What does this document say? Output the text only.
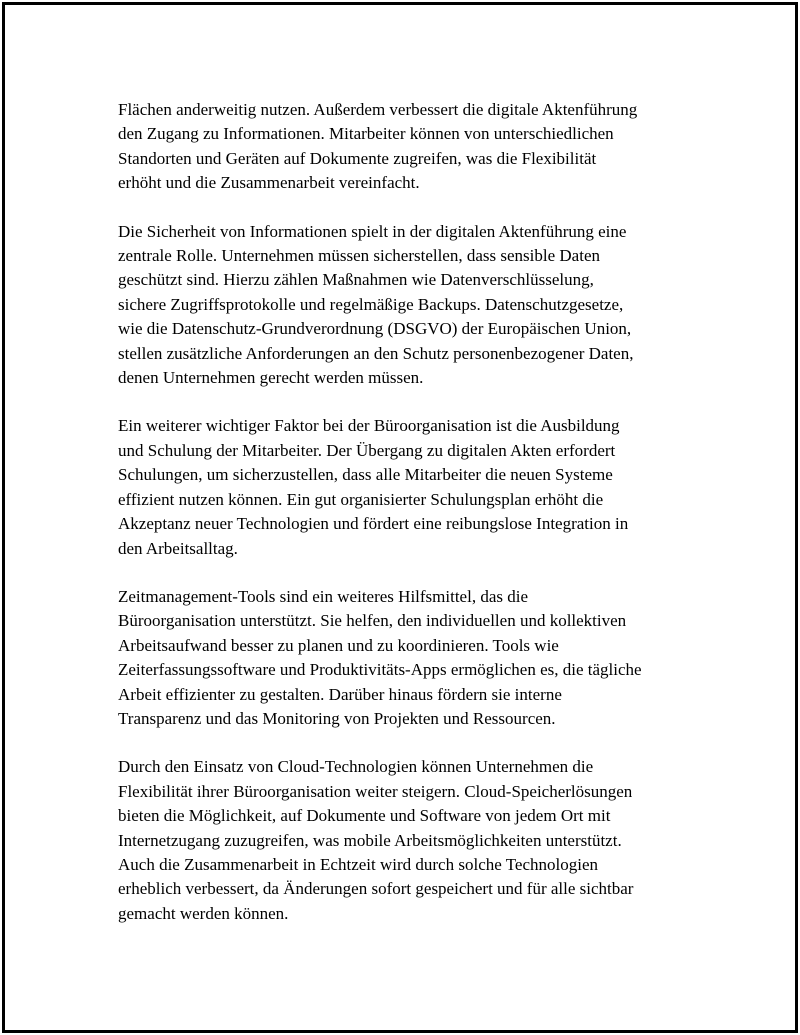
Flächen anderweitig nutzen. Außerdem verbessert die digitale Aktenführung
den Zugang zu Informationen. Mitarbeiter können von unterschiedlichen
Standorten und Geräten auf Dokumente zugreifen, was die Flexibilität
erhöht und die Zusammenarbeit vereinfacht.

Die Sicherheit von Informationen spielt in der digitalen Aktenführung eine
zentrale Rolle. Unternehmen müssen sicherstellen, dass sensible Daten
geschützt sind. Hierzu zählen Maßnahmen wie Datenverschlüsselung,
sichere Zugriffsprotokolle und regelmäßige Backups. Datenschutzgesetze,
wie die Datenschutz-Grundverordnung (DSGVO) der Europäischen Union,
stellen zusätzliche Anforderungen an den Schutz personenbezogener Daten,
denen Unternehmen gerecht werden müssen.

Ein weiterer wichtiger Faktor bei der Büroorganisation ist die Ausbildung
und Schulung der Mitarbeiter. Der Übergang zu digitalen Akten erfordert
Schulungen, um sicherzustellen, dass alle Mitarbeiter die neuen Systeme
effizient nutzen können. Ein gut organisierter Schulungsplan erhöht die
Akzeptanz neuer Technologien und fördert eine reibungslose Integration in
den Arbeitsalltag.

Zeitmanagement-Tools sind ein weiteres Hilfsmittel, das die
Büroorganisation unterstützt. Sie helfen, den individuellen und kollektiven
Arbeitsaufwand besser zu planen und zu koordinieren. Tools wie
Zeiterfassungssoftware und Produktivitäts-Apps ermöglichen es, die tägliche
Arbeit effizienter zu gestalten. Darüber hinaus fördern sie interne
Transparenz und das Monitoring von Projekten und Ressourcen.

Durch den Einsatz von Cloud-Technologien können Unternehmen die
Flexibilität ihrer Büroorganisation weiter steigern. Cloud-Speicherlösungen
bieten die Möglichkeit, auf Dokumente und Software von jedem Ort mit
Internetzugang zuzugreifen, was mobile Arbeitsmöglichkeiten unterstützt.
Auch die Zusammenarbeit in Echtzeit wird durch solche Technologien
erheblich verbessert, da Änderungen sofort gespeichert und für alle sichtbar
gemacht werden können.
